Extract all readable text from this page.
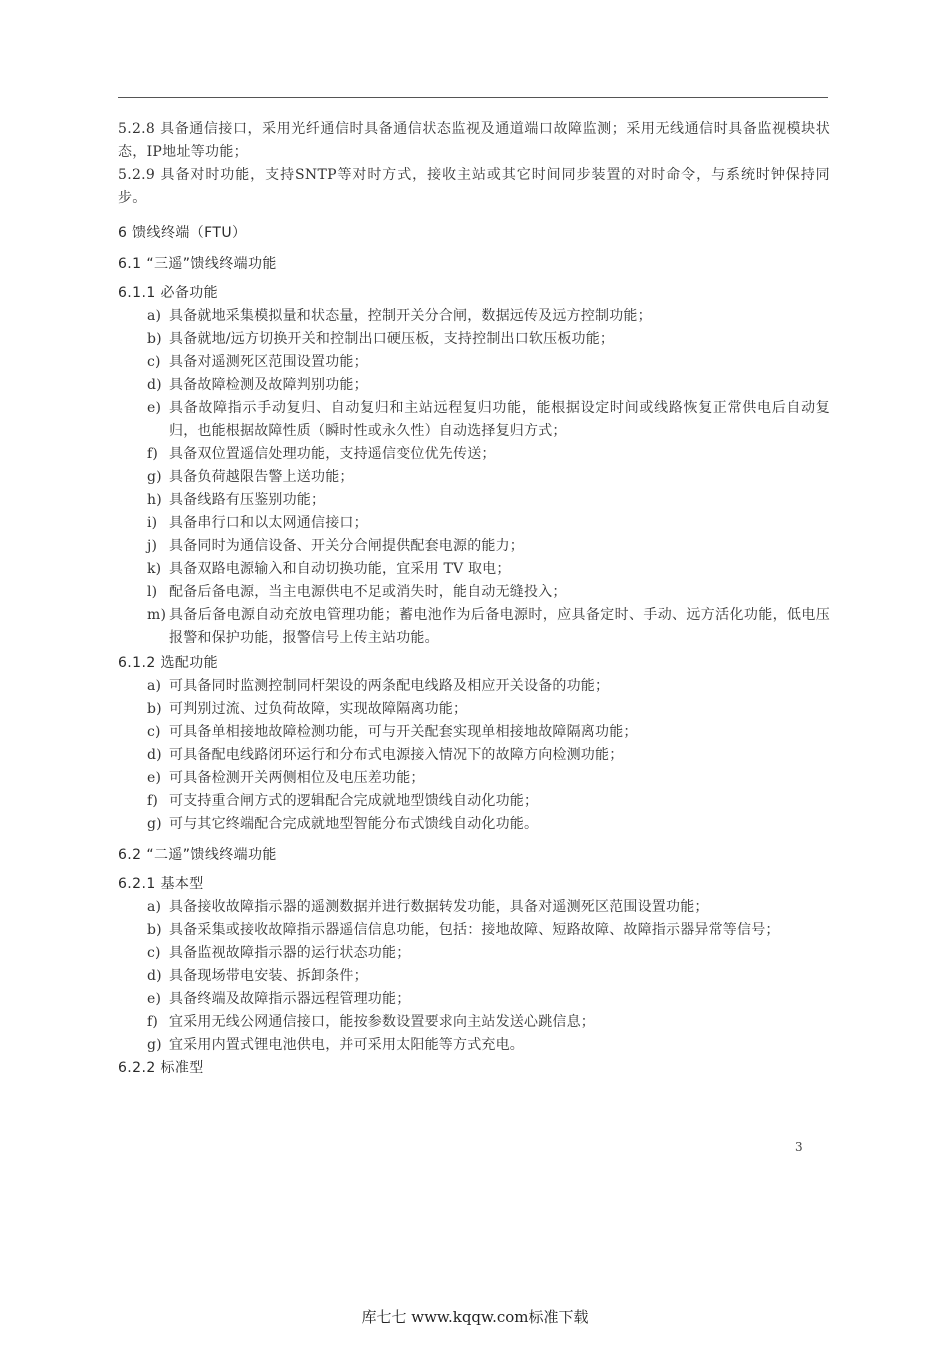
5.2.8 具备通信接口，采用光纤通信时具备通信状态监视及通道端口故障监测；采用无线通信时具备监视模块状态，IP地址等功能；

5.2.9 具备对时功能，支持SNTP等对时方式，接收主站或其它时间同步装置的对时命令，与系统时钟保持同步。

6 馈线终端（FTU）

6.1 “三遥”馈线终端功能

6.1.1 必备功能

a) 具备就地采集模拟量和状态量，控制开关分合闸，数据远传及远方控制功能；
b) 具备就地/远方切换开关和控制出口硬压板，支持控制出口软压板功能；
c) 具备对遥测死区范围设置功能；
d) 具备故障检测及故障判别功能；
e) 具备故障指示手动复归、自动复归和主站远程复归功能，能根据设定时间或线路恢复正常供电后自动复归，也能根据故障性质（瞬时性或永久性）自动选择复归方式；
f) 具备双位置遥信处理功能，支持遥信变位优先传送；
g) 具备负荷越限告警上送功能；
h) 具备线路有压鉴别功能；
i) 具备串行口和以太网通信接口；
j) 具备同时为通信设备、开关分合闸提供配套电源的能力；
k) 具备双路电源输入和自动切换功能，宜采用 TV 取电；
l) 配备后备电源，当主电源供电不足或消失时，能自动无缝投入；
m) 具备后备电源自动充放电管理功能；蓄电池作为后备电源时，应具备定时、手动、远方活化功能，低电压报警和保护功能，报警信号上传主站功能。

6.1.2 选配功能

a) 可具备同时监测控制同杆架设的两条配电线路及相应开关设备的功能；
b) 可判别过流、过负荷故障，实现故障隔离功能；
c) 可具备单相接地故障检测功能，可与开关配套实现单相接地故障隔离功能；
d) 可具备配电线路闭环运行和分布式电源接入情况下的故障方向检测功能；
e) 可具备检测开关两侧相位及电压差功能；
f) 可支持重合闸方式的逻辑配合完成就地型馈线自动化功能；
g) 可与其它终端配合完成就地型智能分布式馈线自动化功能。

6.2 “二遥”馈线终端功能

6.2.1 基本型

a) 具备接收故障指示器的遥测数据并进行数据转发功能，具备对遥测死区范围设置功能；
b) 具备采集或接收故障指示器遥信信息功能，包括：接地故障、短路故障、故障指示器异常等信号；
c) 具备监视故障指示器的运行状态功能；
d) 具备现场带电安装、拆卸条件；
e) 具备终端及故障指示器远程管理功能；
f) 宜采用无线公网通信接口，能按参数设置要求向主站发送心跳信息；
g) 宜采用内置式锂电池供电，并可采用太阳能等方式充电。

6.2.2 标准型

3
库七七 www.kqqw.com标准下载
